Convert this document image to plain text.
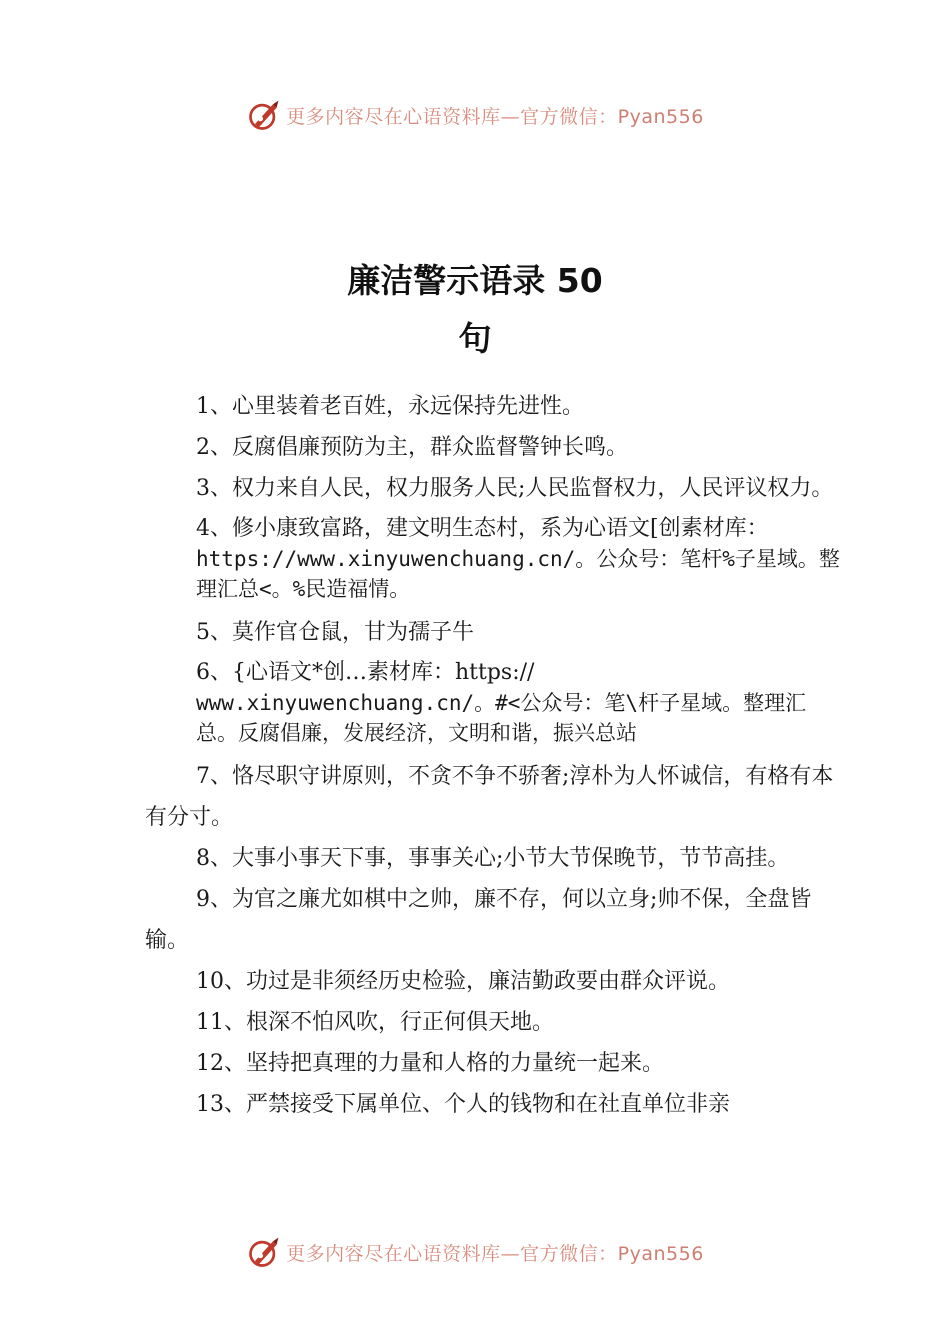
更多内容尽在心语资料库—官方微信：Pyan556
廉洁警示语录 50
句

1、心里装着老百姓，永远保持先进性。

2、反腐倡廉预防为主，群众监督警钟长鸣。

3、权力来自人民，权力服务人民;人民监督权力，人民评议权力。

4、修小康致富路，建文明生态村，系为心语文[创素材库：
https://www.xinyuwenchuang.cn/。公众号：笔杆%子星域。整理汇总<。%民造福情。

5、莫作官仓鼠，甘为孺子牛

6、{心语文*创…素材库：https://
www.xinyuwenchuang.cn/。#<公众号：笔\杆子星域。整理汇总。反腐倡廉，发展经济，文明和谐，振兴总站

7、恪尽职守讲原则，不贪不争不骄奢;淳朴为人怀诚信，有格有本有分寸。

8、大事小事天下事，事事关心;小节大节保晚节，节节高挂。

9、为官之廉尤如棋中之帅，廉不存，何以立身;帅不保，全盘皆输。

10、功过是非须经历史检验，廉洁勤政要由群众评说。

11、根深不怕风吹，行正何俱天地。

12、坚持把真理的力量和人格的力量统一起来。

13、严禁接受下属单位、个人的钱物和在社直单位非亲

更多内容尽在心语资料库—官方微信：Pyan556
